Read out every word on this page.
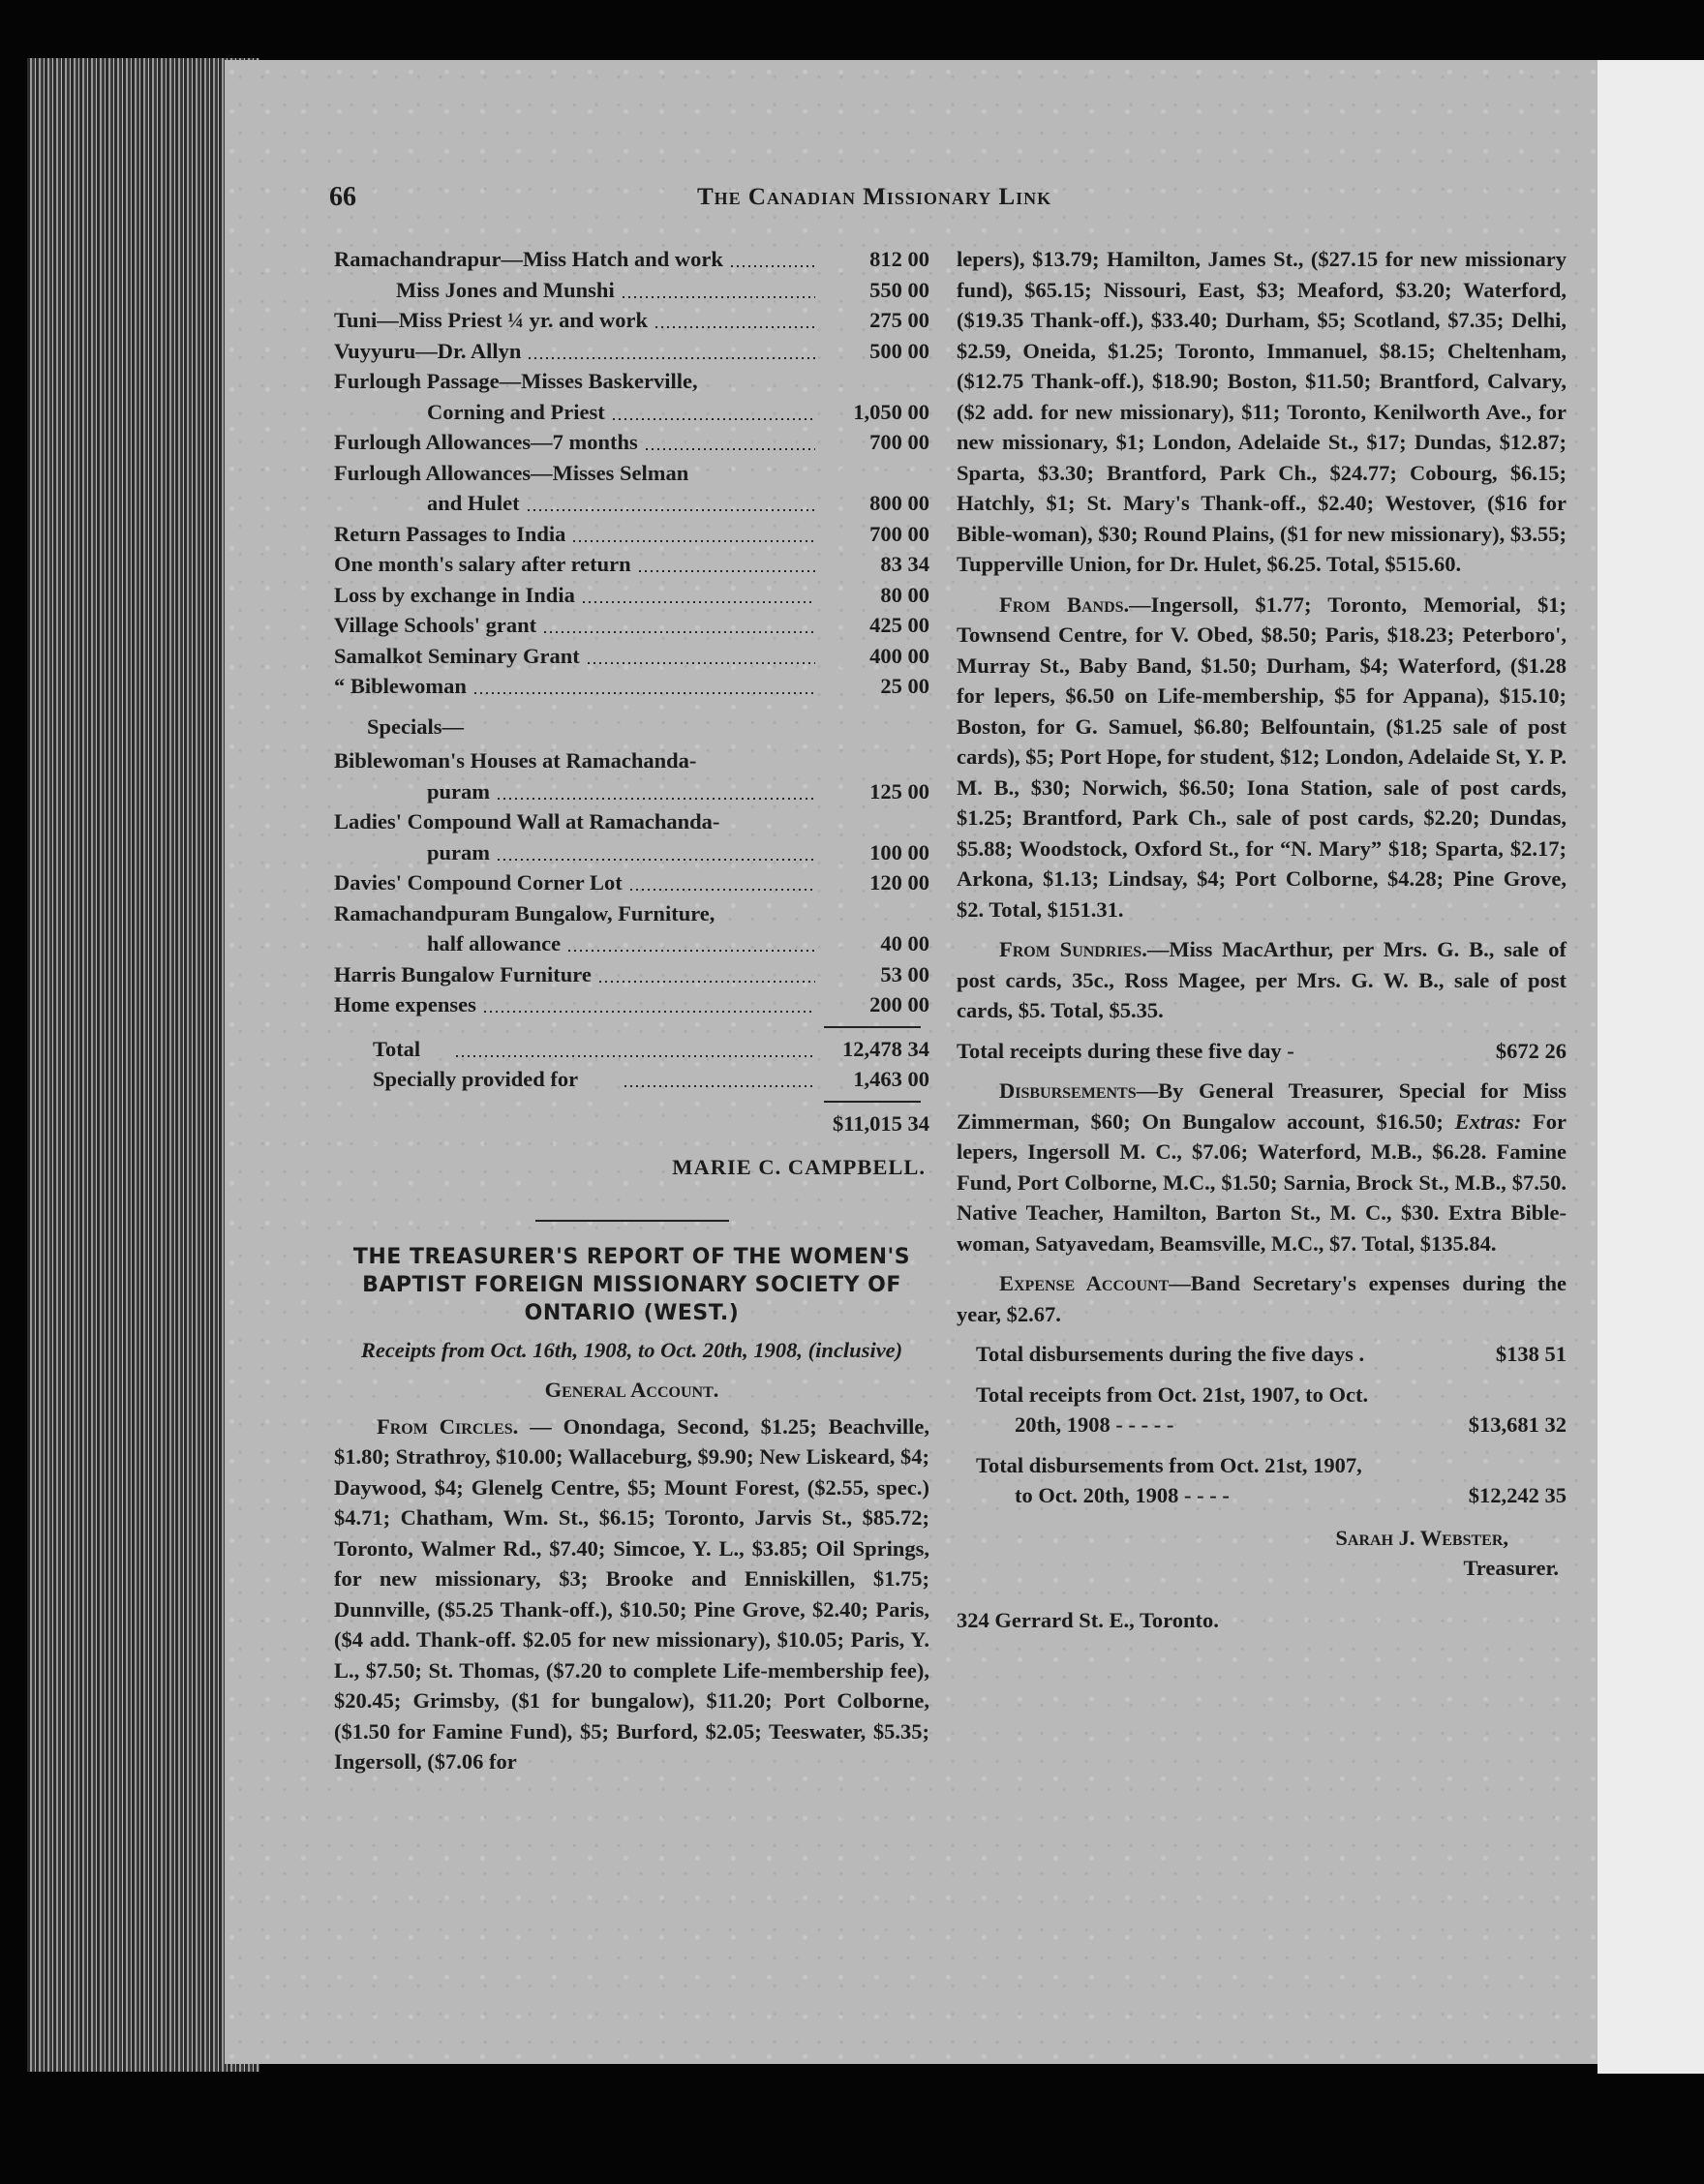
66	The Canadian Missionary Link
Ramachandrapur—Miss Hatch and work	812 00
Miss Jones and Munshi	550 00
Tuni—Miss Priest ¼ yr. and work	275 00
Vuyyuru—Dr. Allyn	500 00
Furlough Passage—Misses Baskerville,
Corning and Priest	1,050 00
Furlough Allowances—7 months	700 00
Furlough Allowances—Misses Selman
and Hulet	800 00
Return Passages to India	700 00
One month's salary after return	83 34
Loss by exchange in India	80 00
Village Schools' grant	425 00
Samalkot Seminary Grant	400 00
“ Biblewoman	25 00
Specials—
Biblewoman's Houses at Ramachanda-
puram	125 00
Ladies' Compound Wall at Ramachanda-
puram	100 00
Davies' Compound Corner Lot	120 00
Ramachandpuram Bungalow, Furniture,
half allowance	40 00
Harris Bungalow Furniture	53 00
Home expenses	200 00
Total	12,478 34
Specially provided for	1,463 00
$11,015 34
MARIE C. CAMPBELL.
THE TREASURER'S REPORT OF THE WOMEN'S BAPTIST FOREIGN MISSIONARY SOCIETY OF ONTARIO (WEST.)
Receipts from Oct. 16th, 1908, to Oct. 20th, 1908, (inclusive)
General Account.

From Circles. — Onondaga, Second, $1.25; Beachville, $1.80; Strathroy, $10.00; Wallaceburg, $9.90; New Liskeard, $4; Daywood, $4; Glenelg Centre, $5; Mount Forest, ($2.55, spec.) $4.71; Chatham, Wm. St., $6.15; Toronto, Jarvis St., $85.72; Toronto, Walmer Rd., $7.40; Simcoe, Y. L., $3.85; Oil Springs, for new missionary, $3; Brooke and Enniskillen, $1.75; Dunnville, ($5.25 Thank-off.), $10.50; Pine Grove, $2.40; Paris, ($4 add. Thank-off. $2.05 for new missionary), $10.05; Paris, Y. L., $7.50; St. Thomas, ($7.20 to complete Life-membership fee), $20.45; Grimsby, ($1 for bungalow), $11.20; Port Colborne, ($1.50 for Famine Fund), $5; Burford, $2.05; Teeswater, $5.35; Ingersoll, ($7.06 for

lepers), $13.79; Hamilton, James St., ($27.15 for new missionary fund), $65.15; Nissouri, East, $3; Meaford, $3.20; Waterford, ($19.35 Thank-off.), $33.40; Durham, $5; Scotland, $7.35; Delhi, $2.59, Oneida, $1.25; Toronto, Immanuel, $8.15; Cheltenham, ($12.75 Thank-off.), $18.90; Boston, $11.50; Brantford, Calvary, ($2 add. for new missionary), $11; Toronto, Kenilworth Ave., for new missionary, $1; London, Adelaide St., $17; Dundas, $12.87; Sparta, $3.30; Brantford, Park Ch., $24.77; Cobourg, $6.15; Hatchly, $1; St. Mary's Thank-off., $2.40; Westover, ($16 for Bible-woman), $30; Round Plains, ($1 for new missionary), $3.55; Tupperville Union, for Dr. Hulet, $6.25. Total, $515.60.

From Bands.—Ingersoll, $1.77; Toronto, Memorial, $1; Townsend Centre, for V. Obed, $8.50; Paris, $18.23; Peterboro', Murray St., Baby Band, $1.50; Durham, $4; Waterford, ($1.28 for lepers, $6.50 on Life-membership, $5 for Appana), $15.10; Boston, for G. Samuel, $6.80; Belfountain, ($1.25 sale of post cards), $5; Port Hope, for student, $12; London, Adelaide St, Y. P. M. B., $30; Norwich, $6.50; Iona Station, sale of post cards, $1.25; Brantford, Park Ch., sale of post cards, $2.20; Dundas, $5.88; Woodstock, Oxford St., for “N. Mary” $18; Sparta, $2.17; Arkona, $1.13; Lindsay, $4; Port Colborne, $4.28; Pine Grove, $2. Total, $151.31.

From Sundries.—Miss MacArthur, per Mrs. G. B., sale of post cards, 35c., Ross Magee, per Mrs. G. W. B., sale of post cards, $5. Total, $5.35.

Total receipts during these five day -	$672 26

Disbursements—By General Treasurer, Special for Miss Zimmerman, $60; On Bungalow account, $16.50; Extras: For lepers, Ingersoll M. C., $7.06; Waterford, M.B., $6.28. Famine Fund, Port Colborne, M.C., $1.50; Sarnia, Brock St., M.B., $7.50. Native Teacher, Hamilton, Barton St., M. C., $30. Extra Bible-woman, Satyavedam, Beamsville, M.C., $7. Total, $135.84.

Expense Account—Band Secretary's expenses during the year, $2.67.

Total disbursements during the five days .	$138 51
Total receipts from Oct. 21st, 1907, to Oct.
20th, 1908 - - - - -	$13,681 32
Total disbursements from Oct. 21st, 1907,
to Oct. 20th, 1908 - - - -	$12,242 35
Sarah J. Webster,
Treasurer.
324 Gerrard St. E., Toronto.
